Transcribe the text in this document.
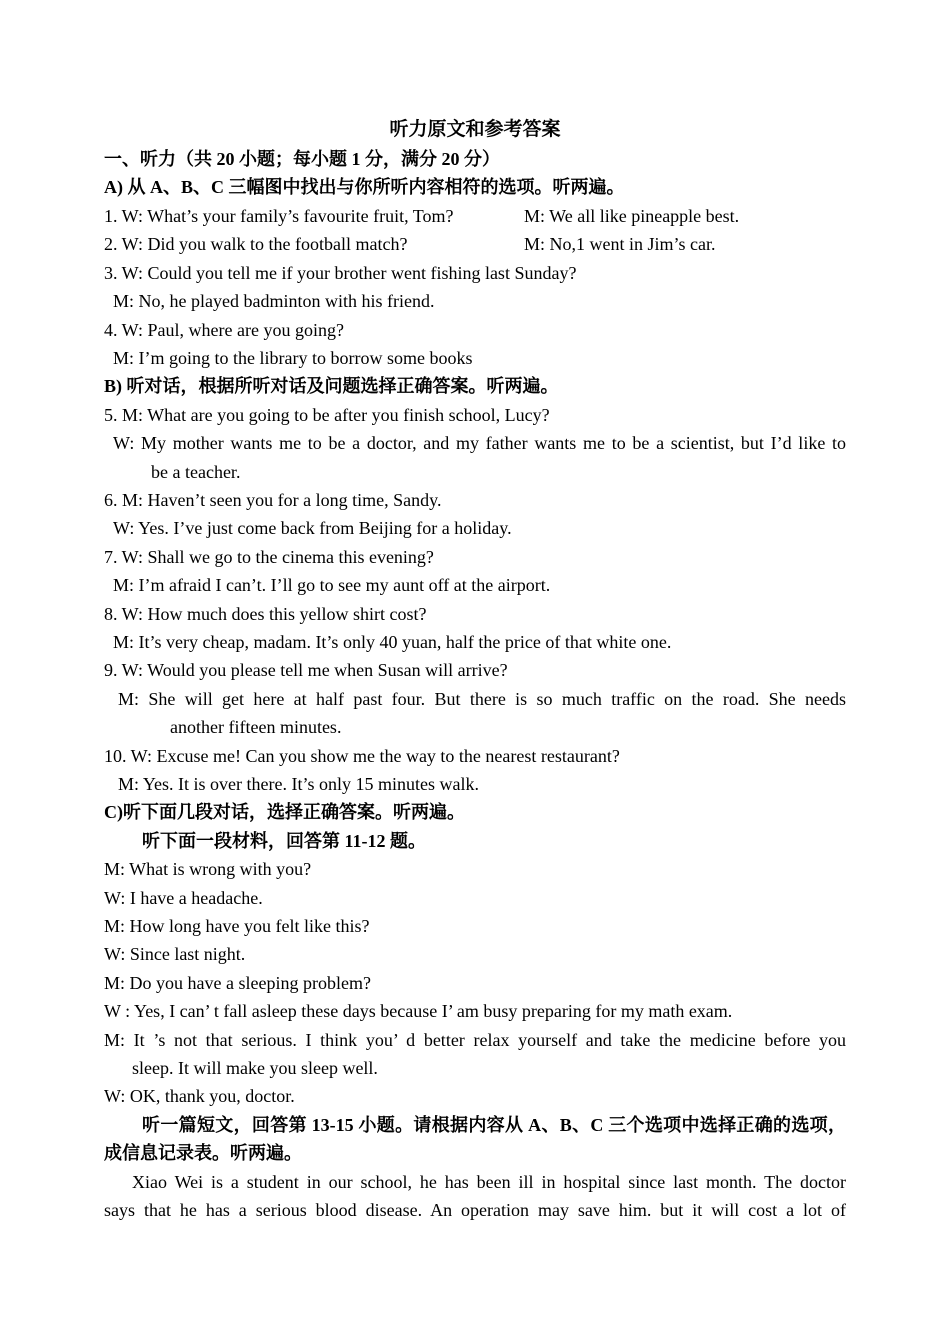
听力原文和参考答案
一、听力（共 20 小题；每小题 1 分，满分 20 分）
A) 从 A、B、C 三幅图中找出与你所听内容相符的选项。听两遍。
1. W: What’s your family’s favourite fruit, Tom?	M: We all like pineapple best.
2. W: Did you walk to the football match?	M: No,1 went in Jim’s car.
3. W: Could you tell me if your brother went fishing last Sunday?
M: No, he played badminton with his friend.
4. W: Paul, where are you going?
M: I’m going to the library to borrow some books
B) 听对话，根据所听对话及问题选择正确答案。听两遍。
5. M: What are you going to be after you finish school, Lucy?
W: My mother wants me to be a doctor, and my father wants me to be a scientist, but I’d like to
be a teacher.
6. M: Haven’t seen you for a long time, Sandy.
W: Yes. I’ve just come back from Beijing for a holiday.
7. W: Shall we go to the cinema this evening?
M: I’m afraid I can’t. I’ll go to see my aunt off at the airport.
8. W: How much does this yellow shirt cost?
M: It’s very cheap, madam. It’s only 40 yuan, half the price of that white one.
9. W: Would you please tell me when Susan will arrive?
M: She will get here at half past four. But there is so much traffic on the road. She needs
another fifteen minutes.
10. W: Excuse me! Can you show me the way to the nearest restaurant?
M: Yes. It is over there. It’s only 15 minutes walk.
C)听下面几段对话，选择正确答案。听两遍。
听下面一段材料，回答第 11-12 题。
M: What is wrong with you?
W: I have a headache.
M: How long have you felt like this?
W: Since last night.
M: Do you have a sleeping problem?
W : Yes, I can’ t fall asleep these days because I’ am busy preparing for my math exam.
M: It ’s not that serious. I think you’ d better relax yourself and take the medicine before you
sleep. It will make you sleep well.
W: OK, thank you, doctor.
听一篇短文，回答第 13-15 小题。请根据内容从 A、B、C 三个选项中选择正确的选项，
成信息记录表。听两遍。
Xiao Wei is a student in our school, he has been ill in hospital since last month. The doctor
says that he has a serious blood disease. An operation may save him. but it will cost a lot of
